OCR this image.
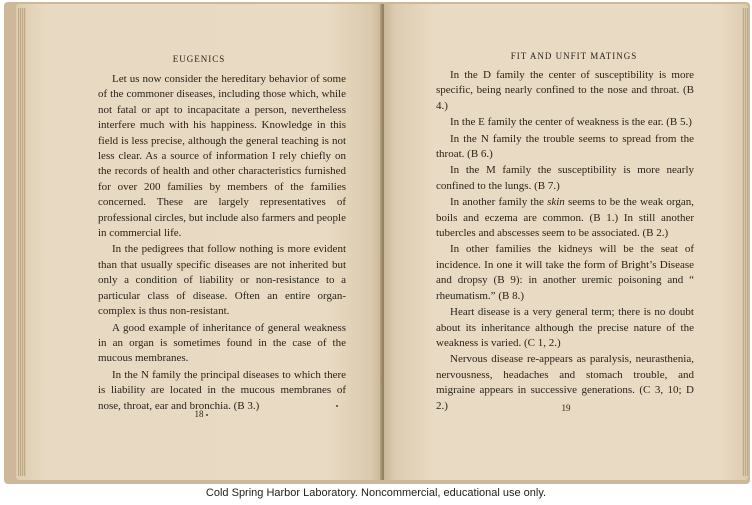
EUGENICS

Let us now consider the hereditary behavior of some of the commoner diseases, including those which, while not fatal or apt to incapacitate a person, nevertheless interfere much with his happiness. Knowledge in this field is less precise, although the general teaching is not less clear. As a source of information I rely chiefly on the records of health and other characteristics furnished for over 200 families by members of the families concerned. These are largely representatives of professional circles, but include also farmers and people in commercial life.

In the pedigrees that follow nothing is more evident than that usually specific diseases are not inherited but only a condition of liability or non-resistance to a particular class of disease. Often an entire organ-complex is thus non-resistant.

A good example of inheritance of general weakness in an organ is sometimes found in the case of the mucous membranes.

In the N family the principal diseases to which there is liability are located in the mucous membranes of nose, throat, ear and bronchia. (B 3.)

18
FIT AND UNFIT MATINGS

In the D family the center of susceptibility is more specific, being nearly confined to the nose and throat. (B 4.)

In the E family the center of weakness is the ear. (B 5.)

In the N family the trouble seems to spread from the throat. (B 6.)

In the M family the susceptibility is more nearly confined to the lungs. (B 7.)

In another family the skin seems to be the weak organ, boils and eczema are common. (B 1.) In still another tubercles and abscesses seem to be associated. (B 2.)

In other families the kidneys will be the seat of incidence. In one it will take the form of Bright’s Disease and dropsy (B 9): in another uremic poisoning and “ rheumatism.” (B 8.)

Heart disease is a very general term; there is no doubt about its inheritance although the precise nature of the weakness is varied. (C 1, 2.)

Nervous disease re-appears as paralysis, neurasthenia, nervousness, headaches and stomach trouble, and migraine appears in successive generations. (C 3, 10; D 2.)	19
Cold Spring Harbor Laboratory. Noncommercial, educational use only.
